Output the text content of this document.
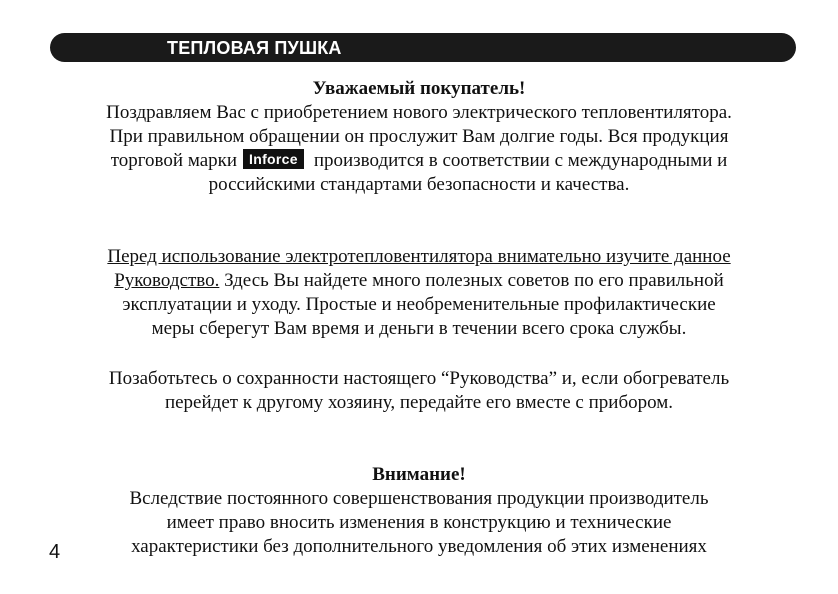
ТЕПЛОВАЯ ПУШКА
Уважаемый покупатель!
Поздравляем Вас с приобретением нового электрического тепловентилятора.
При правильном обращении он прослужит Вам долгие годы. Вся продукция
торговой марки Inforce производится в соответствии с международными и
российскими стандартами безопасности и качества.
Перед использование электротепловентилятора внимательно изучите данное
Руководство. Здесь Вы найдете много полезных советов по его правильной
эксплуатации и уходу. Простые и необременительные профилактические
меры сберегут Вам время и деньги в течении всего срока службы.
Позаботьтесь о сохранности настоящего “Руководства” и, если обогреватель
перейдет к другому хозяину, передайте его вместе с прибором.
Внимание!
Вследствие постоянного совершенствования продукции производитель
имеет право вносить изменения в конструкцию и технические
характеристики без дополнительного уведомления об этих изменениях
4
